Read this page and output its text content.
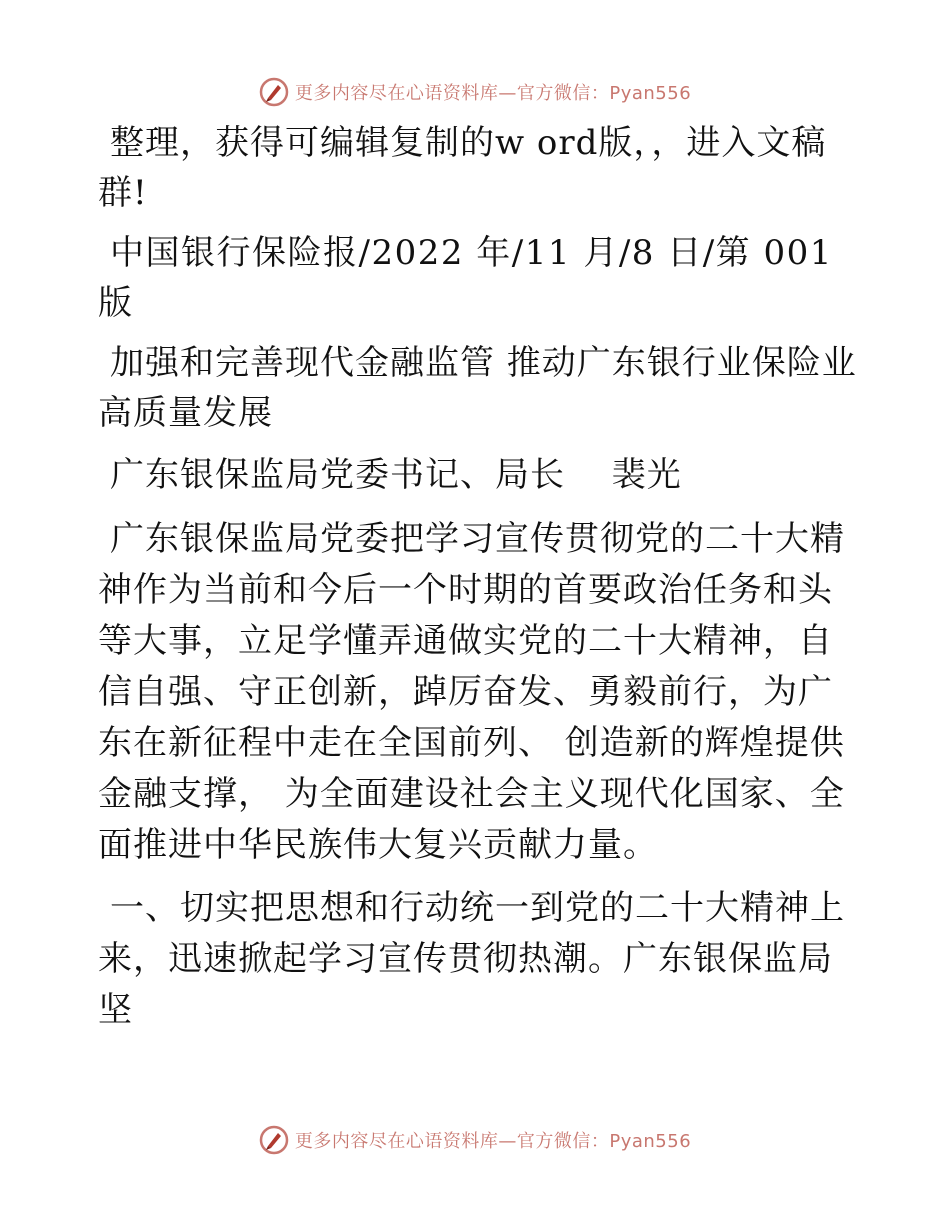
更多内容尽在心语资料库—官方微信：Pyan556

整理，获得可编辑复制的w ord版，，进入文稿群!

中国银行保险报/2022 年/11 月/8 日/第 001 版

加强和完善现代金融监管 推动广东银行业保险业高质量发展

广东银保监局党委书记、局长　 裴光

广东银保监局党委把学习宣传贯彻党的二十大精神作为当前和今后一个时期的首要政治任务和头等大事，立足学懂弄通做实党的二十大精神，自信自强、守正创新，踔厉奋发、勇毅前行，为广东在新征程中走在全国前列、 创造新的辉煌提供金融支撑， 为全面建设社会主义现代化国家、全面推进中华民族伟大复兴贡献力量。

一、切实把思想和行动统一到党的二十大精神上来，迅速掀起学习宣传贯彻热潮。广东银保监局坚

更多内容尽在心语资料库—官方微信：Pyan556
